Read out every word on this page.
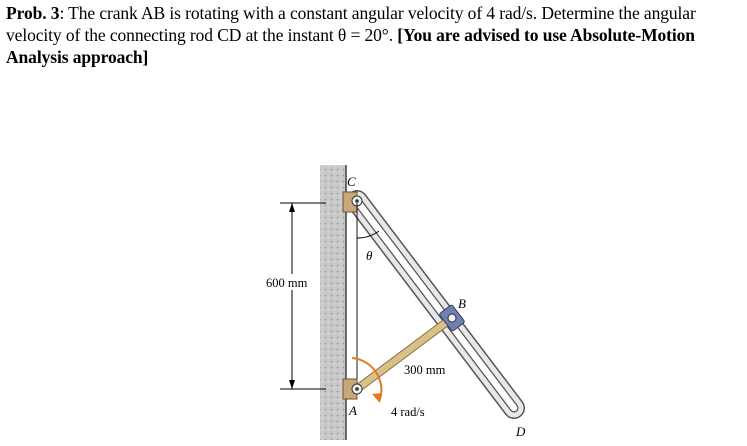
Prob. 3: The crank AB is rotating with a constant angular velocity of 4 rad/s. Determine the angular velocity of the connecting rod CD at the instant θ = 20°. [You are advised to use Absolute-Motion Analysis approach]
600 mm
θ
C
B
A
D
300 mm
4 rad/s
